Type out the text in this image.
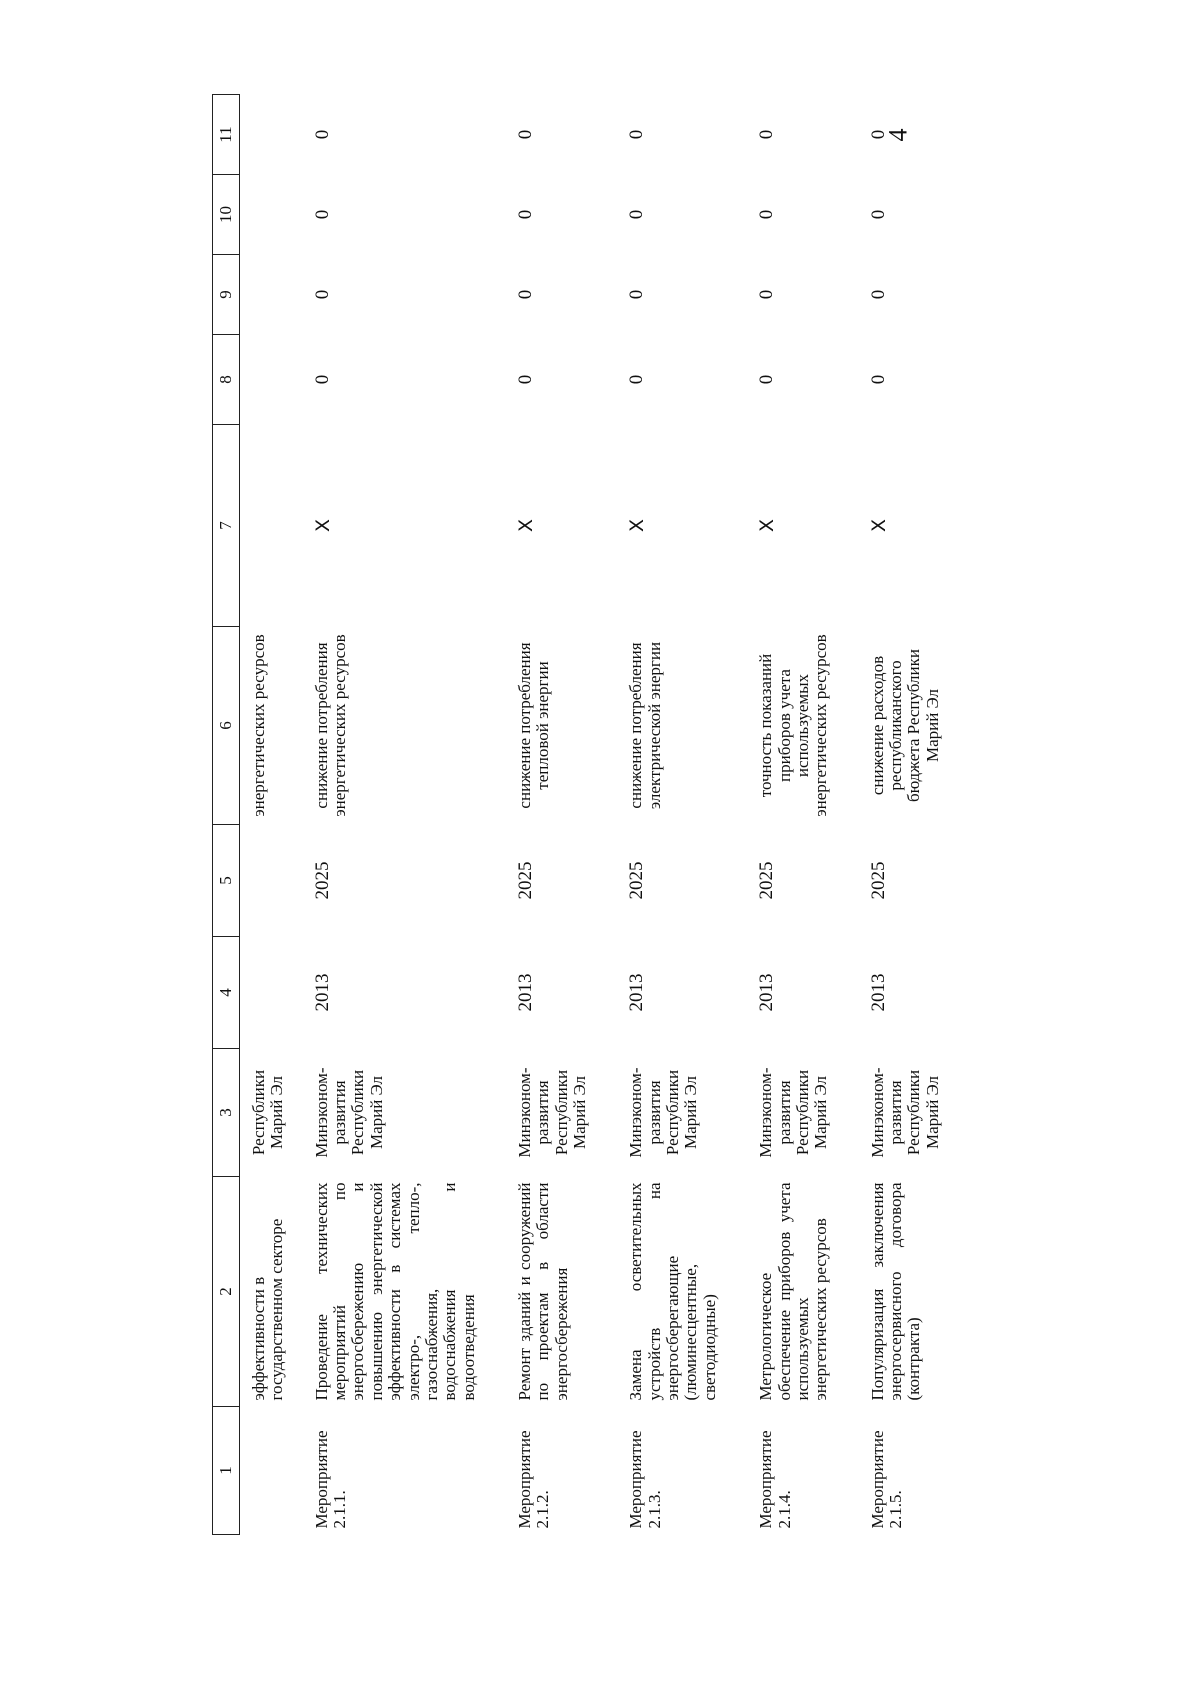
4
1	2	3	4	5	6	7	8	9	10	11
	эффективности в государственном секторе	Республики Марий Эл			энергетических ресурсов					
Мероприятие 2.1.1.	Проведение технических мероприятий по энергосбережению и повышению энергетической эффективности в системах электро-, тепло-, газоснабжения, водоснабжения и водоотведения	Минэконом-развития Республики Марий Эл	2013	2025	снижение потребления энергетических ресурсов	X	0	0	0	0
Мероприятие 2.1.2.	Ремонт зданий и сооружений по проектам в области энергосбережения	Минэконом-развития Республики Марий Эл	2013	2025	снижение потребления тепловой энергии	X	0	0	0	0
Мероприятие 2.1.3.	Замена осветительных устройств на энергосберегающие (люминесцентные, светодиодные)	Минэконом-развития Республики Марий Эл	2013	2025	снижение потребления электрической энергии	X	0	0	0	0
Мероприятие 2.1.4.	Метрологическое обеспечение приборов учета используемых энергетических ресурсов	Минэконом-развития Республики Марий Эл	2013	2025	точность показаний приборов учета используемых энергетических ресурсов	X	0	0	0	0
Мероприятие 2.1.5.	Популяризация заключения энергосервисного договора (контракта)	Минэконом-развития Республики Марий Эл	2013	2025	снижение расходов республиканского бюджета Республики Марий Эл	X	0	0	0	0
